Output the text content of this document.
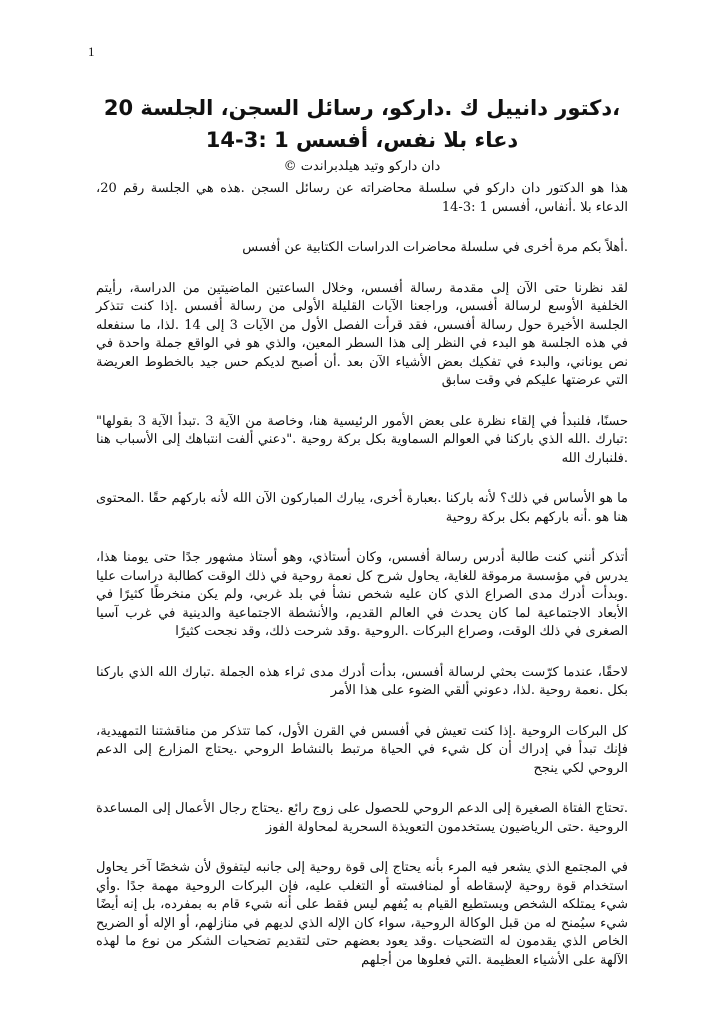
1

،دكتور دانييل ك .داركو، رسائل السجن، الجلسة 20

دعاء بلا نفس، أفسس 1 :3-14

دان داركو وتيد هيلدبراندت ©

هذا هو الدكتور دان داركو في سلسلة محاضراته عن رسائل السجن .هذه هي الجلسة رقم 20، الدعاء بلا .أنفاس، أفسس 1 :3-14

.أهلاً بكم مرة أخرى في سلسلة محاضرات الدراسات الكتابية عن أفسس

لقد نظرنا حتى الآن إلى مقدمة رسالة أفسس، وخلال الساعتين الماضيتين من الدراسة، رأيتم الخلفية الأوسع لرسالة أفسس، وراجعنا الآيات القليلة الأولى من رسالة أفسس .إذا كنت تتذكر الجلسة الأخيرة حول رسالة أفسس، فقد قرأت الفصل الأول من الآيات 3 إلى 14 .لذا، ما سنفعله في هذه الجلسة هو البدء في النظر إلى هذا السطر المعين، والذي هو في الواقع جملة واحدة في نص يوناني، والبدء في تفكيك بعض الأشياء الآن بعد .أن أصبح لديكم حس جيد بالخطوط العريضة التي عرضتها عليكم في وقت سابق

حسنًا، فلنبدأ في إلقاء نظرة على بعض الأمور الرئيسية هنا، وخاصة من الآية 3 .تبدأ الآية 3 بقولها" :تبارك .الله الذي باركنا في العوالم السماوية بكل بركة روحية ."دعني ألفت انتباهك إلى الأسباب هنا .فلنبارك الله

ما هو الأساس في ذلك؟ لأنه باركنا .بعبارة أخرى، يبارك المباركون الآن الله لأنه باركهم حقًا .المحتوى هنا هو .أنه باركهم بكل بركة روحية

أتذكر أنني كنت طالبة أدرس رسالة أفسس، وكان أستاذي، وهو أستاذ مشهور جدًا حتى يومنا هذا، يدرس في مؤسسة مرموقة للغاية، يحاول شرح كل نعمة روحية في ذلك الوقت كطالبة دراسات عليا .وبدأت أدرك مدى الصراع الذي كان عليه شخص نشأ في بلد غربي، ولم يكن منخرطًا كثيرًا في الأبعاد الاجتماعية لما كان يحدث في العالم القديم، والأنشطة الاجتماعية والدينية في غرب آسيا الصغرى في ذلك الوقت، وصراع البركات .الروحية .وقد شرحت ذلك، وقد نجحت كثيرًا

لاحقًا، عندما كرّست بحثي لرسالة أفسس، بدأت أدرك مدى ثراء هذه الجملة .تبارك الله الذي باركنا بكل .نعمة روحية .لذا، دعوني ألقي الضوء على هذا الأمر

كل البركات الروحية .إذا كنت تعيش في أفسس في القرن الأول، كما تتذكر من مناقشتنا التمهيدية، فإنك تبدأ في إدراك أن كل شيء في الحياة مرتبط بالنشاط الروحي .يحتاج المزارع إلى الدعم الروحي لكي ينجح

.تحتاج الفتاة الصغيرة إلى الدعم الروحي للحصول على زوج رائع .يحتاج رجال الأعمال إلى المساعدة الروحية .حتى الرياضيون يستخدمون التعويذة السحرية لمحاولة الفوز

في المجتمع الذي يشعر فيه المرء بأنه يحتاج إلى قوة روحية إلى جانبه ليتفوق لأن شخصًا آخر يحاول استخدام قوة روحية لإسقاطه أو لمنافسته أو التغلب عليه، فإن البركات الروحية مهمة جدًا .وأي شيء يمتلكه الشخص ويستطيع القيام به يُفهم ليس فقط على أنه شيء قام به بمفرده، بل إنه أيضًا شيء سيُمنح له من قبل الوكالة الروحية، سواء كان الإله الذي لديهم في منازلهم، أو الإله أو الضريح الخاص الذي يقدمون له التضحيات .وقد يعود بعضهم حتى لتقديم تضحيات الشكر من نوع ما لهذه الآلهة على الأشياء العظيمة .التي فعلوها من أجلهم
